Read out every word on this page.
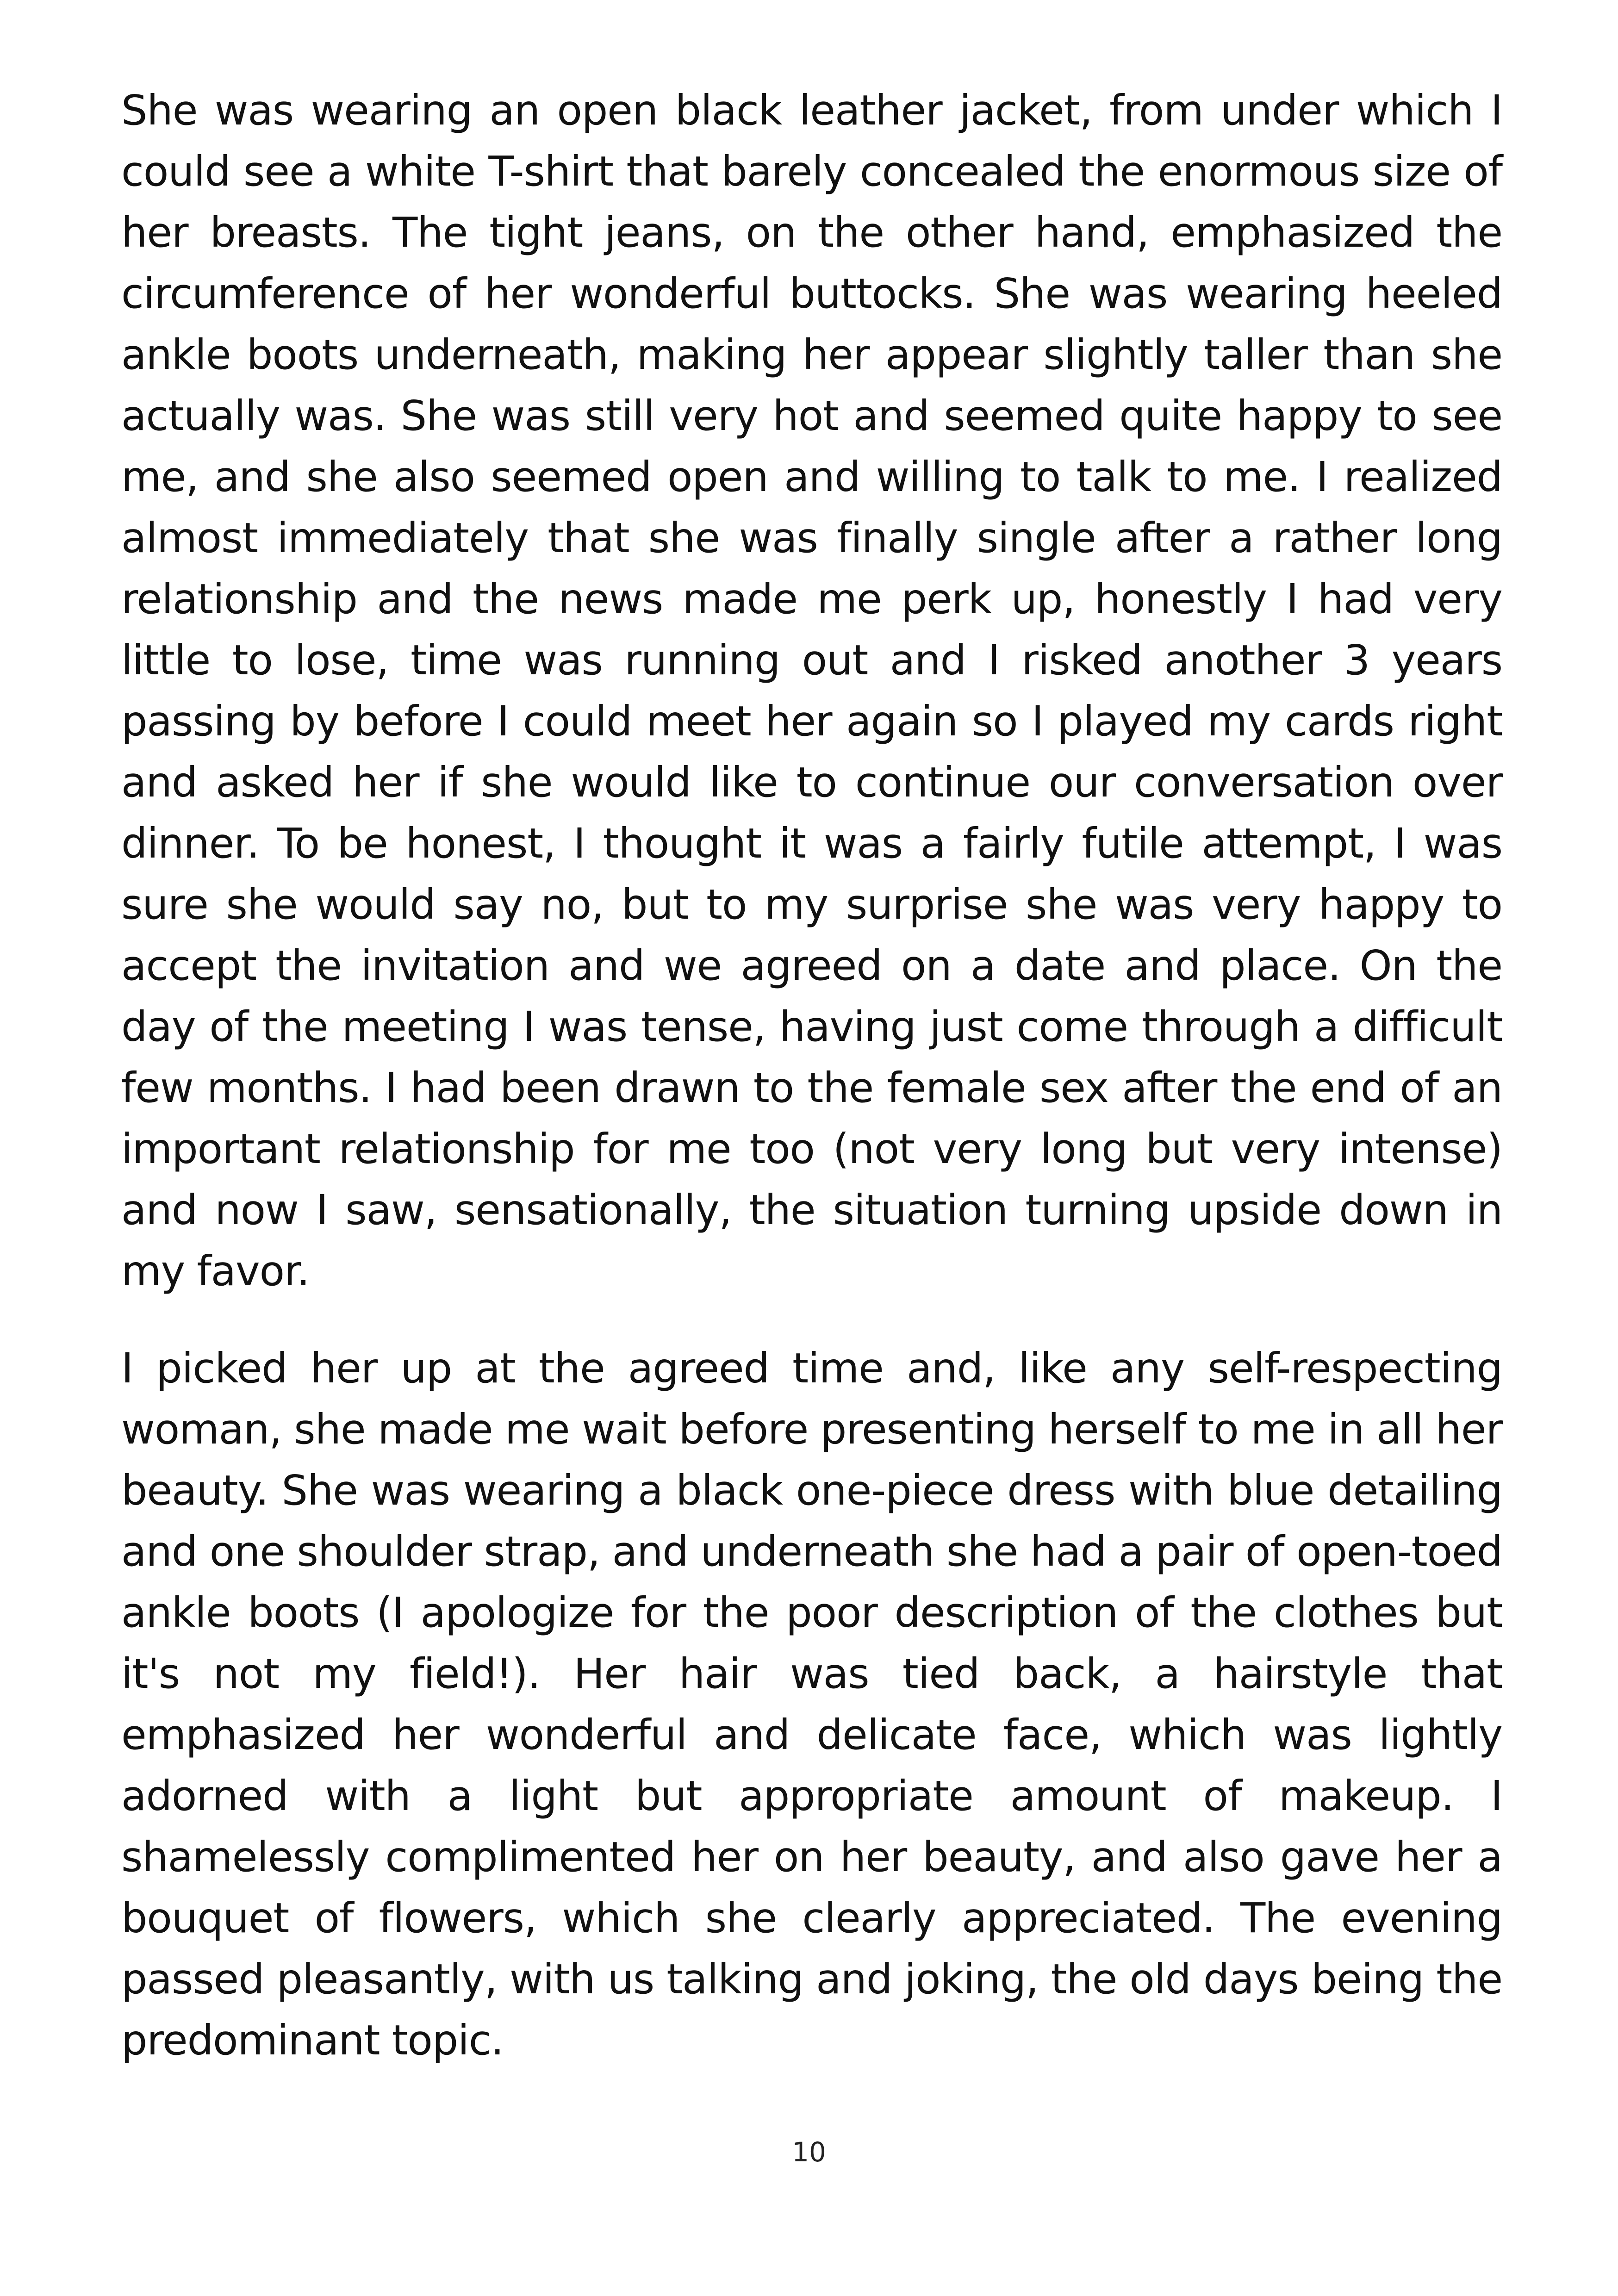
She was wearing an open black leather jacket, from under which I could see a white T-shirt that barely concealed the enormous size of her breasts. The tight jeans, on the other hand, emphasized the circumference of her wonderful buttocks. She was wearing heeled ankle boots underneath, making her appear slightly taller than she actually was. She was still very hot and seemed quite happy to see me, and she also seemed open and willing to talk to me. I realized almost immediately that she was finally single after a rather long relationship and the news made me perk up, honestly I had very little to lose, time was running out and I risked another 3 years passing by before I could meet her again so I played my cards right and asked her if she would like to continue our conversation over dinner. To be honest, I thought it was a fairly futile attempt, I was sure she would say no, but to my surprise she was very happy to accept the invitation and we agreed on a date and place. On the day of the meeting I was tense, having just come through a difficult few months. I had been drawn to the female sex after the end of an important relationship for me too (not very long but very intense) and now I saw, sensationally, the situation turning upside down in my favor.

I picked her up at the agreed time and, like any self-respecting woman, she made me wait before presenting herself to me in all her beauty. She was wearing a black one-piece dress with blue detailing and one shoulder strap, and underneath she had a pair of open-toed ankle boots (I apologize for the poor description of the clothes but it's not my field!). Her hair was tied back, a hairstyle that emphasized her wonderful and delicate face, which was lightly adorned with a light but appropriate amount of makeup. I shamelessly complimented her on her beauty, and also gave her a bouquet of flowers, which she clearly appreciated. The evening passed pleasantly, with us talking and joking, the old days being the predominant topic.

10
